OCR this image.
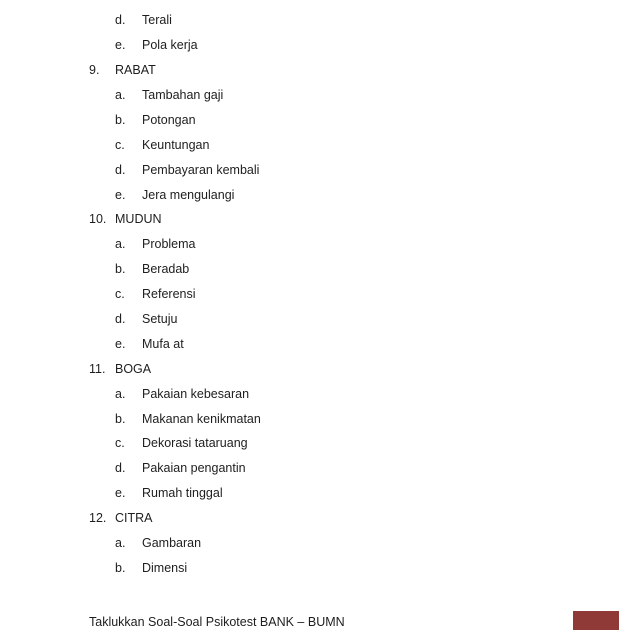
d. Terali
e. Pola kerja
9. RABAT
a. Tambahan gaji
b. Potongan
c. Keuntungan
d. Pembayaran kembali
e. Jera mengulangi
10. MUDUN
a. Problema
b. Beradab
c. Referensi
d. Setuju
e. Mufa at
11. BOGA
a. Pakaian kebesaran
b. Makanan kenikmatan
c. Dekorasi tataruang
d. Pakaian pengantin
e. Rumah tinggal
12. CITRA
a. Gambaran
b. Dimensi
Taklukkan Soal-Soal Psikotest BANK – BUMN
